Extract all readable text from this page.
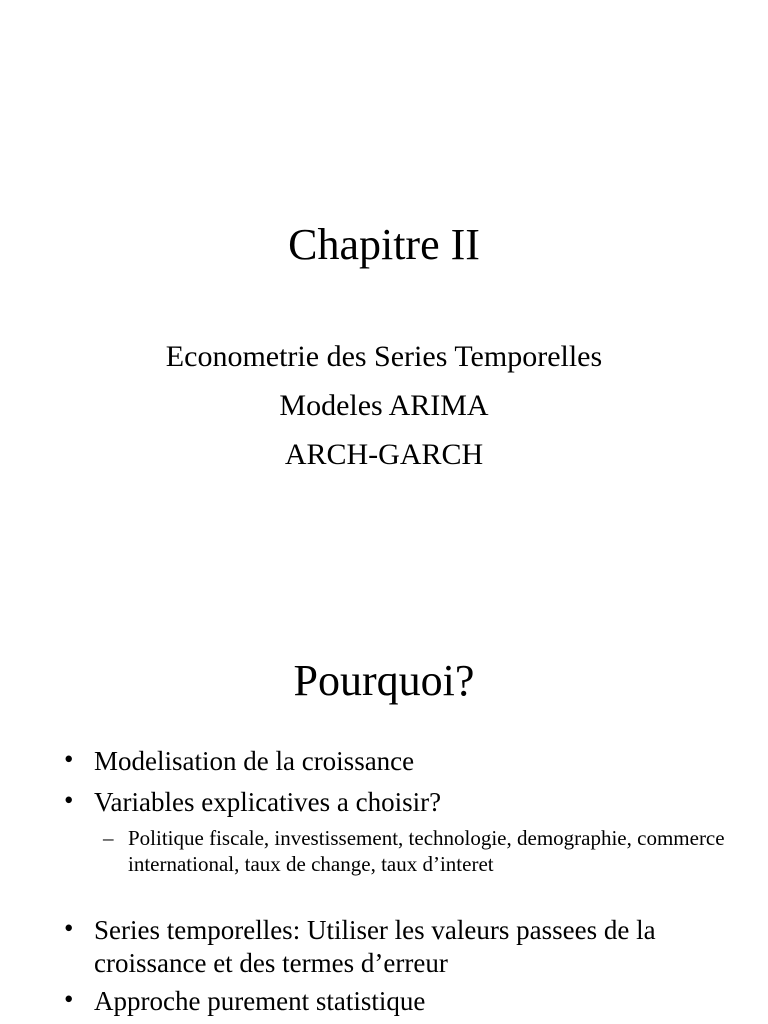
Chapitre II
Econometrie des Series Temporelles
Modeles ARIMA
ARCH-GARCH
Pourquoi?
• Modelisation de la croissance
• Variables explicatives a choisir?
– Politique fiscale, investissement, technologie, demographie, commerce international, taux de change, taux d’interet
• Series temporelles: Utiliser les valeurs passees de la croissance et des termes d’erreur
• Approche purement statistique
